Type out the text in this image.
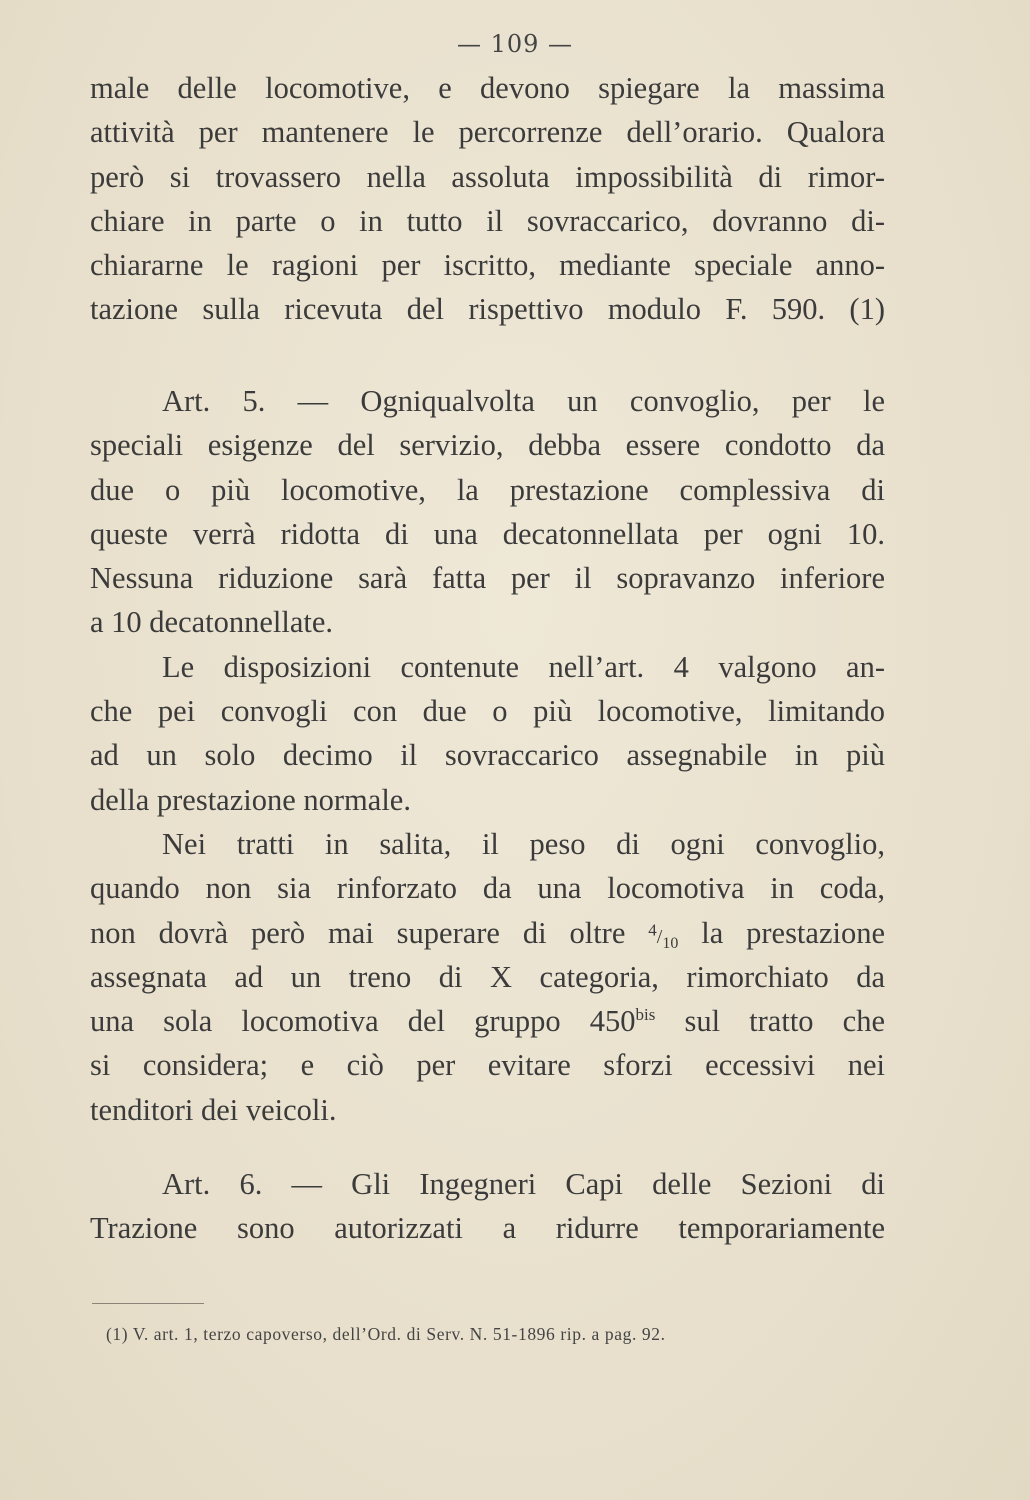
— 109 —
male delle locomotive, e devono spiegare la massima
attività per mantenere le percorrenze dell’orario. Qualora
però si trovassero nella assoluta impossibilità di rimor-
chiare in parte o in tutto il sovraccarico, dovranno di-
chiararne le ragioni per iscritto, mediante speciale anno-
tazione sulla ricevuta del rispettivo modulo F. 590. (1)
Art. 5. — Ogniqualvolta un convoglio, per le
speciali esigenze del servizio, debba essere condotto da
due o più locomotive, la prestazione complessiva di
queste verrà ridotta di una decatonnellata per ogni 10.
Nessuna riduzione sarà fatta per il sopravanzo inferiore
a 10 decatonnellate.
Le disposizioni contenute nell’art. 4 valgono an-
che pei convogli con due o più locomotive, limitando
ad un solo decimo il sovraccarico assegnabile in più
della prestazione normale.
Nei tratti in salita, il peso di ogni convoglio,
quando non sia rinforzato da una locomotiva in coda,
non dovrà però mai superare di oltre $^4/_{10}$ la prestazione
assegnata ad un treno di X categoria, rimorchiato da
una sola locomotiva del gruppo $450^{bis}$ sul tratto che
si considera; e ciò per evitare sforzi eccessivi nei
tenditori dei veicoli.
Art. 6. — Gli Ingegneri Capi delle Sezioni di
Trazione sono autorizzati a ridurre temporariamente
(1) V. art. 1, terzo capoverso, dell’Ord. di Serv. N. 51-1896 rip. a pag. 92.
